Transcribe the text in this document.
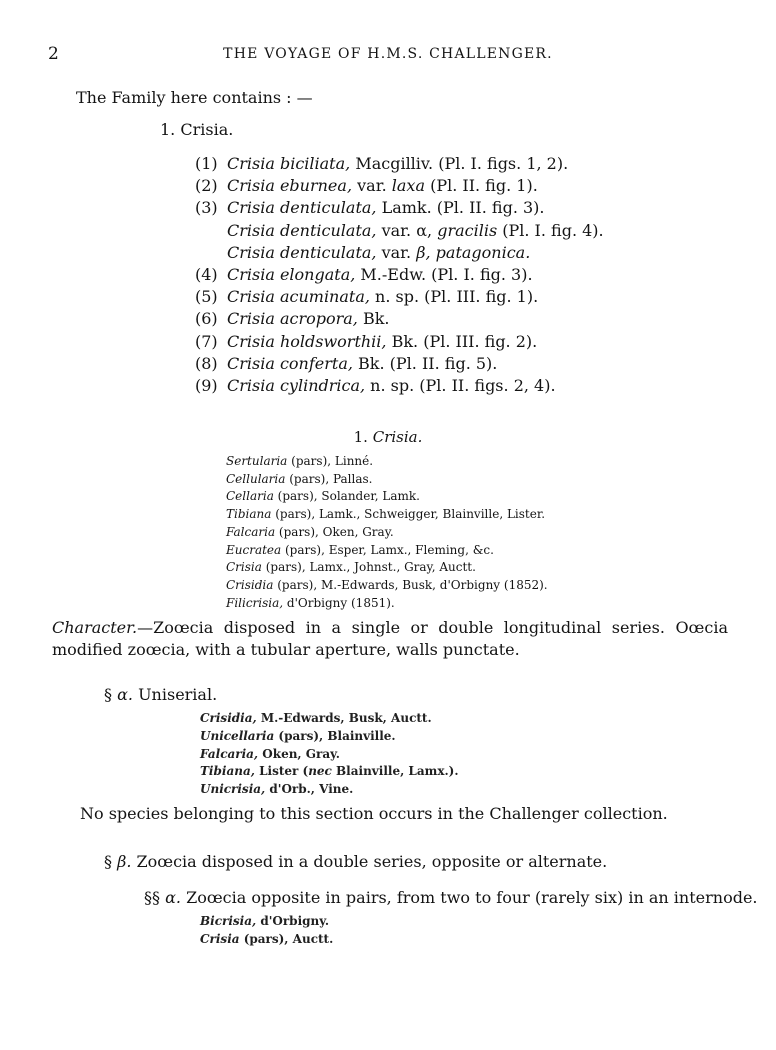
2	THE VOYAGE OF H.M.S. CHALLENGER.
The Family here contains : —
1. Crisia.
(1) Crisia biciliata, Macgilliv. (Pl. I. figs. 1, 2).
(2) Crisia eburnea, var. laxa (Pl. II. fig. 1).
(3) Crisia denticulata, Lamk. (Pl. II. fig. 3).
Crisia denticulata, var. α, gracilis (Pl. I. fig. 4).
Crisia denticulata, var. β, patagonica.
(4) Crisia elongata, M.-Edw. (Pl. I. fig. 3).
(5) Crisia acuminata, n. sp. (Pl. III. fig. 1).
(6) Crisia acropora, Bk.
(7) Crisia holdsworthii, Bk. (Pl. III. fig. 2).
(8) Crisia conferta, Bk. (Pl. II. fig. 5).
(9) Crisia cylindrica, n. sp. (Pl. II. figs. 2, 4).
1. Crisia.
Sertularia (pars), Linné.
Cellularia (pars), Pallas.
Cellaria (pars), Solander, Lamk.
Tibiana (pars), Lamk., Schweigger, Blainville, Lister.
Falcaria (pars), Oken, Gray.
Eucratea (pars), Esper, Lamx., Fleming, &c.
Crisia (pars), Lamx., Johnst., Gray, Auctt.
Crisidia (pars), M.-Edwards, Busk, d'Orbigny (1852).
Filicrisia, d'Orbigny (1851).
Character.—Zoœcia disposed in a single or double longitudinal series. Oœcia modified zoœcia, with a tubular aperture, walls punctate.
§ α. Uniserial.
Crisidia, M.-Edwards, Busk, Auctt.
Unicellaria (pars), Blainville.
Falcaria, Oken, Gray.
Tibiana, Lister (nec Blainville, Lamx.).
Unicrisia, d'Orb., Vine.
No species belonging to this section occurs in the Challenger collection.
§ β. Zoœcia disposed in a double series, opposite or alternate.
§§ α. Zoœcia opposite in pairs, from two to four (rarely six) in an internode.
Bicrisia, d'Orbigny.
Crisia (pars), Auctt.
